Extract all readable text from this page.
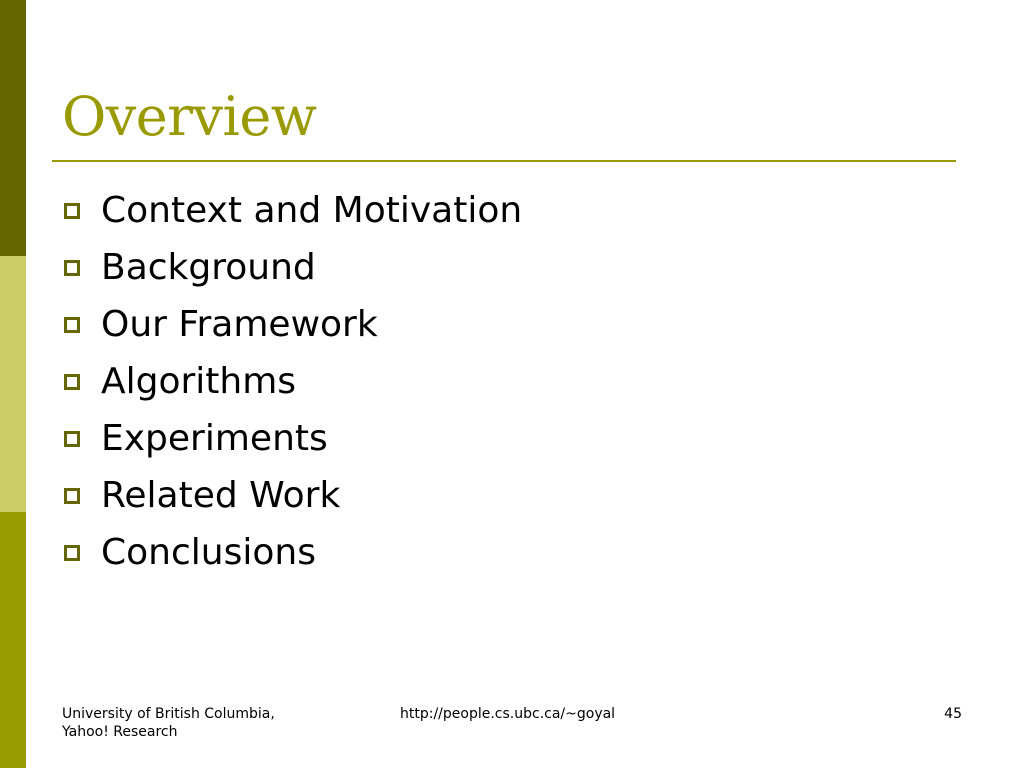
Overview
Context and Motivation
Background
Our Framework
Algorithms
Experiments
Related Work
Conclusions
University of British Columbia,
Yahoo! Research
http://people.cs.ubc.ca/~goyal	45
